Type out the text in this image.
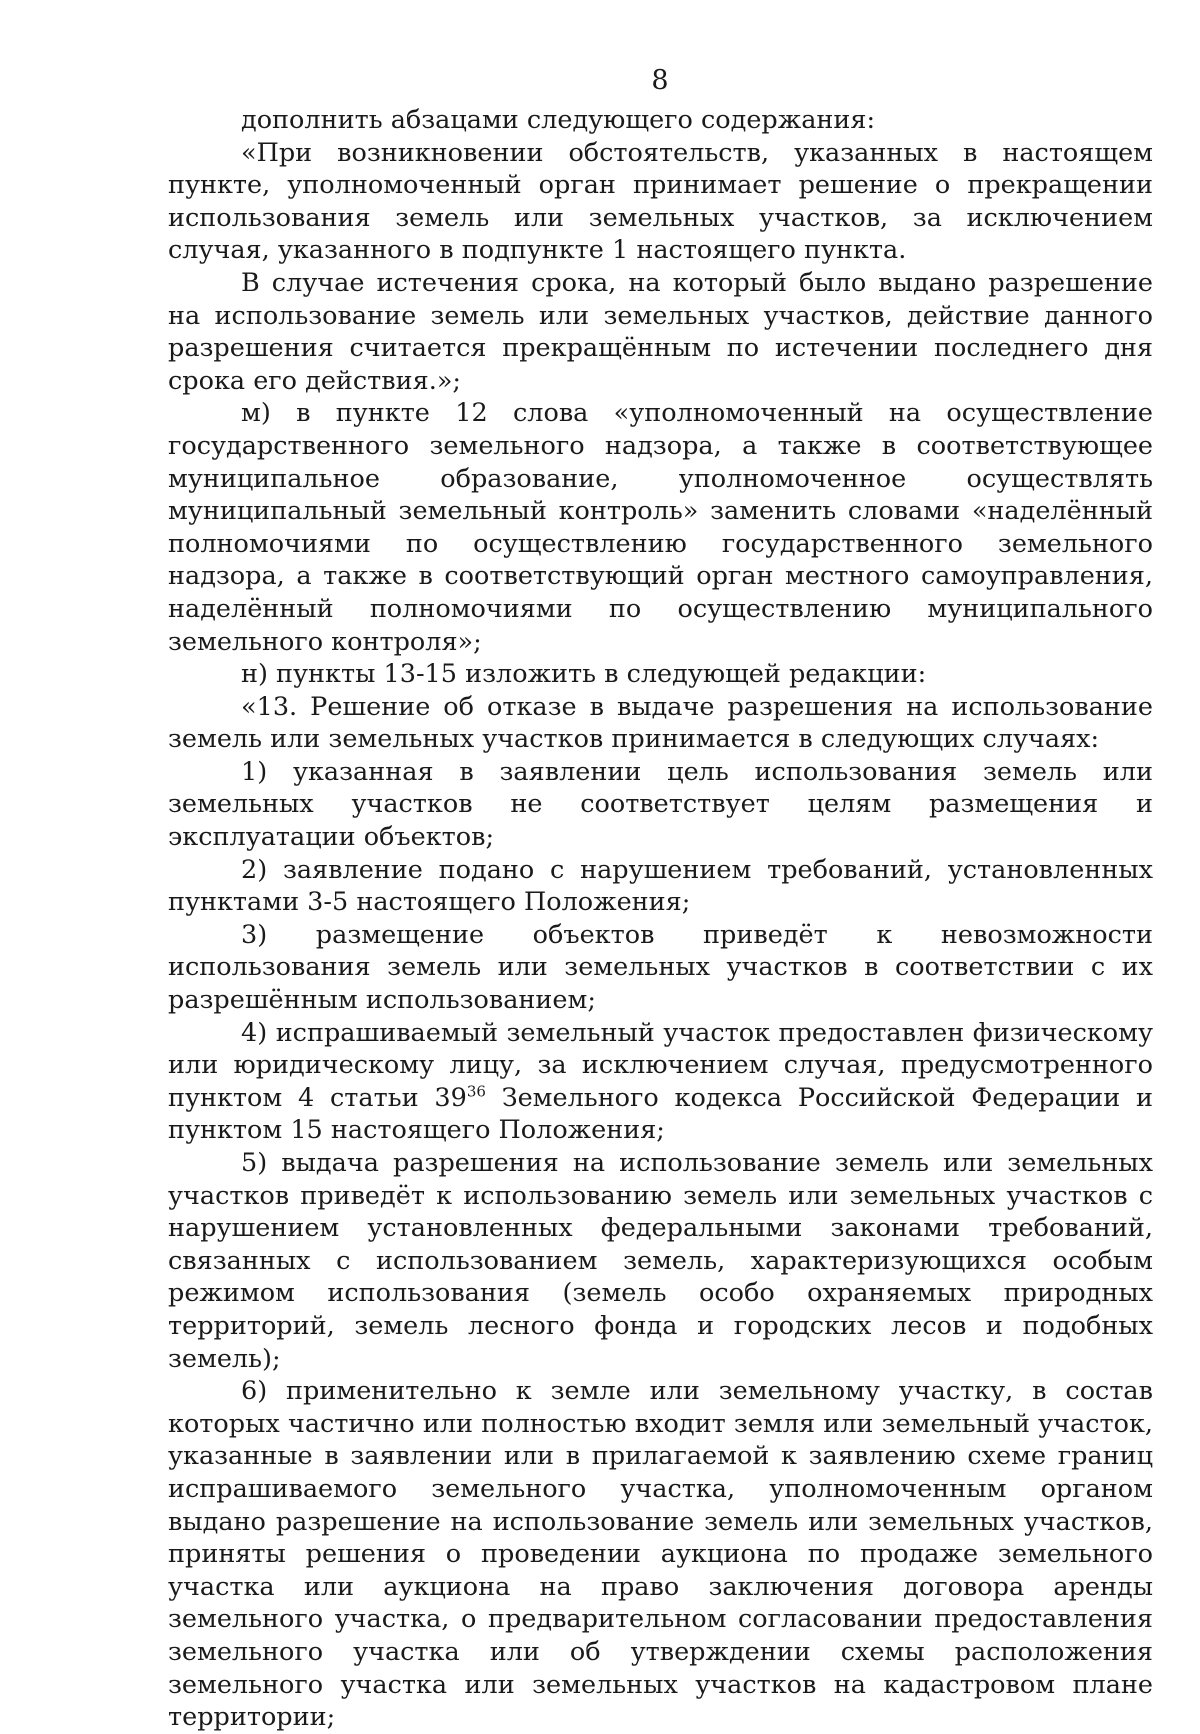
8

дополнить абзацами следующего содержания:

«При возникновении обстоятельств, указанных в настоящем пункте, уполномоченный орган принимает решение о прекращении использования земель или земельных участков, за исключением случая, указанного в подпункте 1 настоящего пункта.

В случае истечения срока, на который было выдано разрешение на использование земель или земельных участков, действие данного разрешения считается прекращённым по истечении последнего дня срока его действия.»;

м) в пункте 12 слова «уполномоченный на осуществление государственного земельного надзора, а также в соответствующее муниципальное образование, уполномоченное осуществлять муниципальный земельный контроль» заменить словами «наделённый полномочиями по осуществлению государственного земельного надзора, а также в соответствующий орган местного самоуправления, наделённый полномочиями по осуществлению муниципального земельного контроля»;

н) пункты 13-15 изложить в следующей редакции:

«13. Решение об отказе в выдаче разрешения на использование земель или земельных участков принимается в следующих случаях:

1) указанная в заявлении цель использования земель или земельных участков не соответствует целям размещения и эксплуатации объектов;

2) заявление подано с нарушением требований, установленных пунктами 3-5 настоящего Положения;

3) размещение объектов приведёт к невозможности использования земель или земельных участков в соответствии с их разрешённым использованием;

4) испрашиваемый земельный участок предоставлен физическому или юридическому лицу, за исключением случая, предусмотренного пунктом 4 статьи $39^{36}$ Земельного кодекса Российской Федерации и пунктом 15 настоящего Положения;

5) выдача разрешения на использование земель или земельных участков приведёт к использованию земель или земельных участков с нарушением установленных федеральными законами требований, связанных с использованием земель, характеризующихся особым режимом использования (земель особо охраняемых природных территорий, земель лесного фонда и городских лесов и подобных земель);

6) применительно к земле или земельному участку, в состав которых частично или полностью входит земля или земельный участок, указанные в заявлении или в прилагаемой к заявлению схеме границ испрашиваемого земельного участка, уполномоченным органом выдано разрешение на использование земель или земельных участков, приняты решения о проведении аукциона по продаже земельного участка или аукциона на право заключения договора аренды земельного участка, о предварительном согласовании предоставления земельного участка или об утверждении схемы расположения земельного участка или земельных участков на кадастровом плане территории;
